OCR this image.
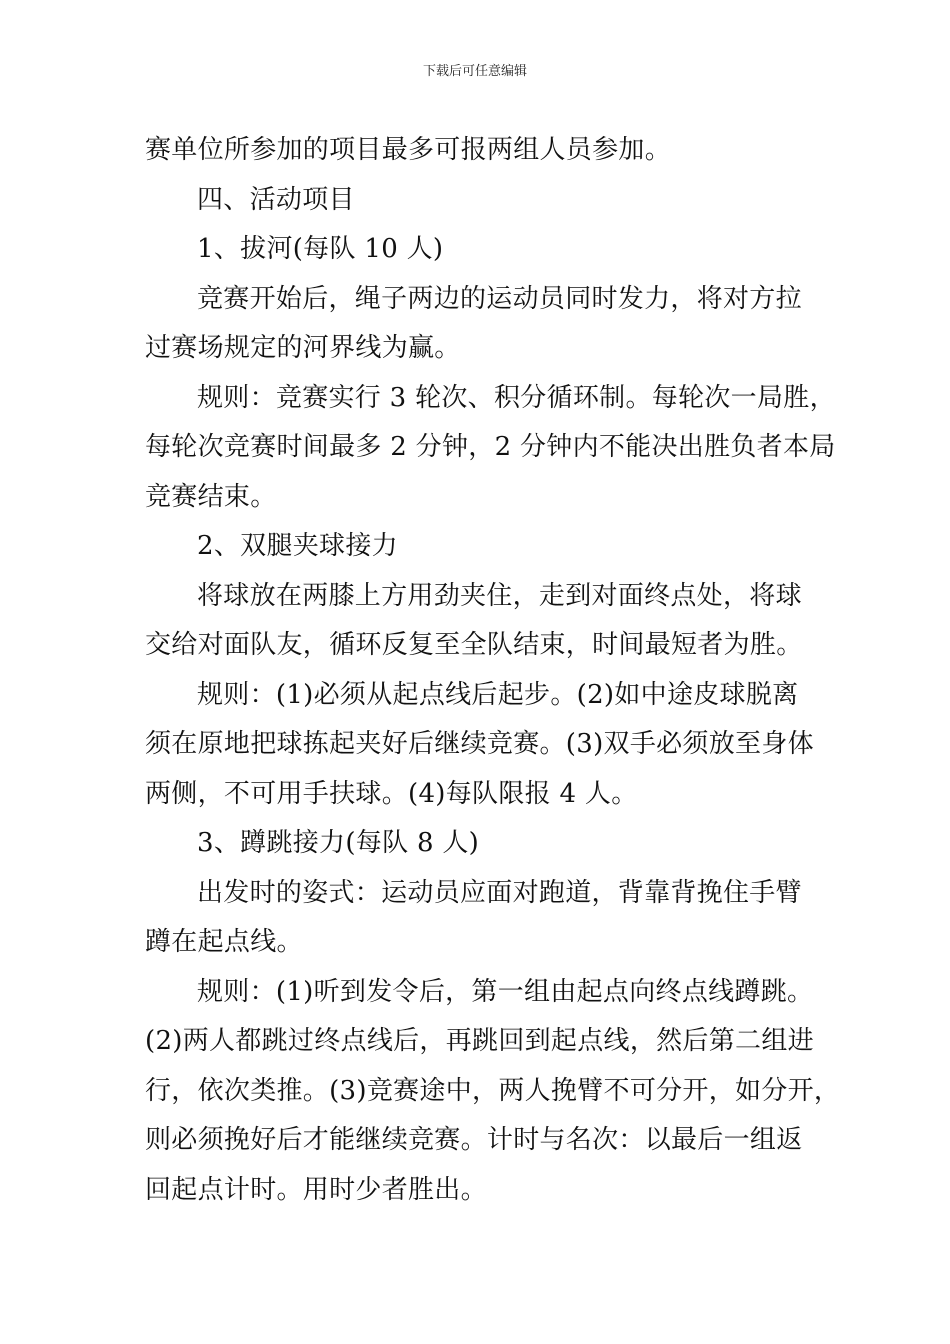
下载后可任意编辑
赛单位所参加的项目最多可报两组人员参加。
四、活动项目
1、拔河(每队 10 人)
竞赛开始后，绳子两边的运动员同时发力，将对方拉
过赛场规定的河界线为赢。
规则：竞赛实行 3 轮次、积分循环制。每轮次一局胜，
每轮次竞赛时间最多 2 分钟，2 分钟内不能决出胜负者本局
竞赛结束。
2、双腿夹球接力
将球放在两膝上方用劲夹住，走到对面终点处，将球
交给对面队友，循环反复至全队结束，时间最短者为胜。
规则：(1)必须从起点线后起步。(2)如中途皮球脱离
须在原地把球拣起夹好后继续竞赛。(3)双手必须放至身体
两侧，不可用手扶球。(4)每队限报 4 人。
3、蹲跳接力(每队 8 人)
出发时的姿式：运动员应面对跑道，背靠背挽住手臂
蹲在起点线。
规则：(1)听到发令后，第一组由起点向终点线蹲跳。
(2)两人都跳过终点线后，再跳回到起点线，然后第二组进
行，依次类推。(3)竞赛途中，两人挽臂不可分开，如分开，
则必须挽好后才能继续竞赛。计时与名次：以最后一组返
回起点计时。用时少者胜出。
